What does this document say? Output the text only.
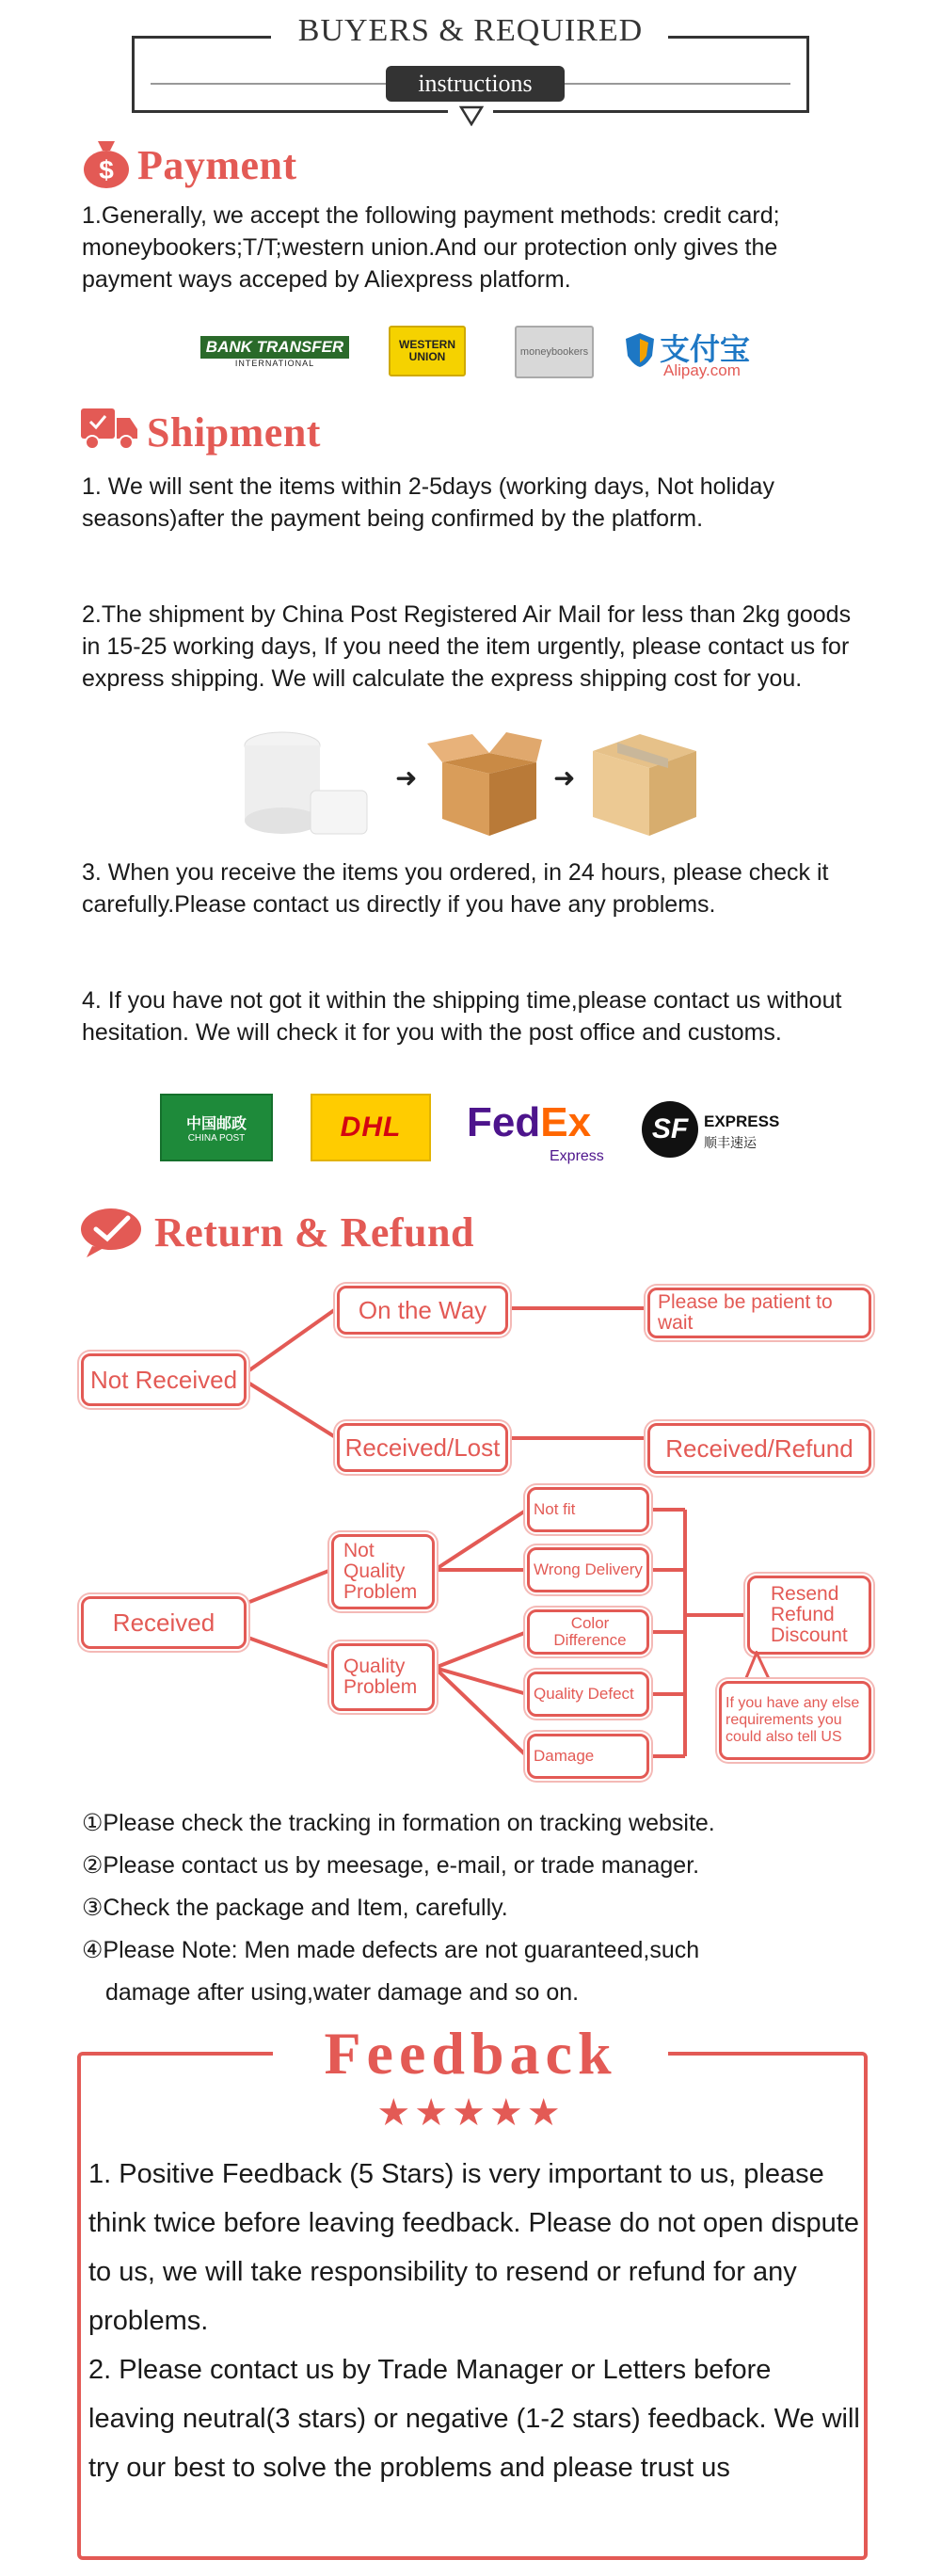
BUYERS & REQUIRED
instructions
$ Payment
1.Generally, we accept the following payment methods: credit card; moneybookers;T/T;western union.And our protection only gives the payment ways acceped by Aliexpress platform.
BANK TRANSFER
INTERNATIONAL
WESTERN UNION	moneybookers 支付宝
Alipay.com
Shipment
1. We will sent the items within 2-5days (working days, Not holiday seasons)after the payment being confirmed by the platform.
2.The shipment by China Post Registered Air Mail for less than 2kg goods in 15-25 working days, If you need the item urgently, please contact us for express shipping. We will calculate the express shipping cost for you.
➜	➜
3. When you receive the items you ordered, in 24 hours, please check it carefully.Please contact us directly if you have any problems.
4. If you have not got it within the shipping time,please contact us without hesitation. We will check it for you with the post office and customs.
中国邮政
CHINA POST	DHL FedEx
Express
SF EXPRESS
顺丰速运
Return & Refund
Not Received
On the Way	Please be patient to wait
Received/Lost	Received/Refund
Received
Not Quality Problem
Quality Problem
Not fit
Wrong Delivery
Color Difference
Quality Defect
Damage
Resend Refund Discount
If you have any else requirements you could also tell US
①Please check the tracking in formation on tracking website.
②Please contact us by meesage, e-mail, or trade manager.
③Check the package and Item, carefully.
④Please Note: Men made defects are not guaranteed,such
damage after using,water damage and so on.
Feedback
★★★★★
1. Positive Feedback (5 Stars) is very important to us, please think twice before leaving feedback. Please do not open dispute to us, we will take responsibility to resend or refund for any problems.
2. Please contact us by Trade Manager or Letters before leaving neutral(3 stars) or negative (1-2 stars) feedback. We will try our best to solve the problems and please trust us
